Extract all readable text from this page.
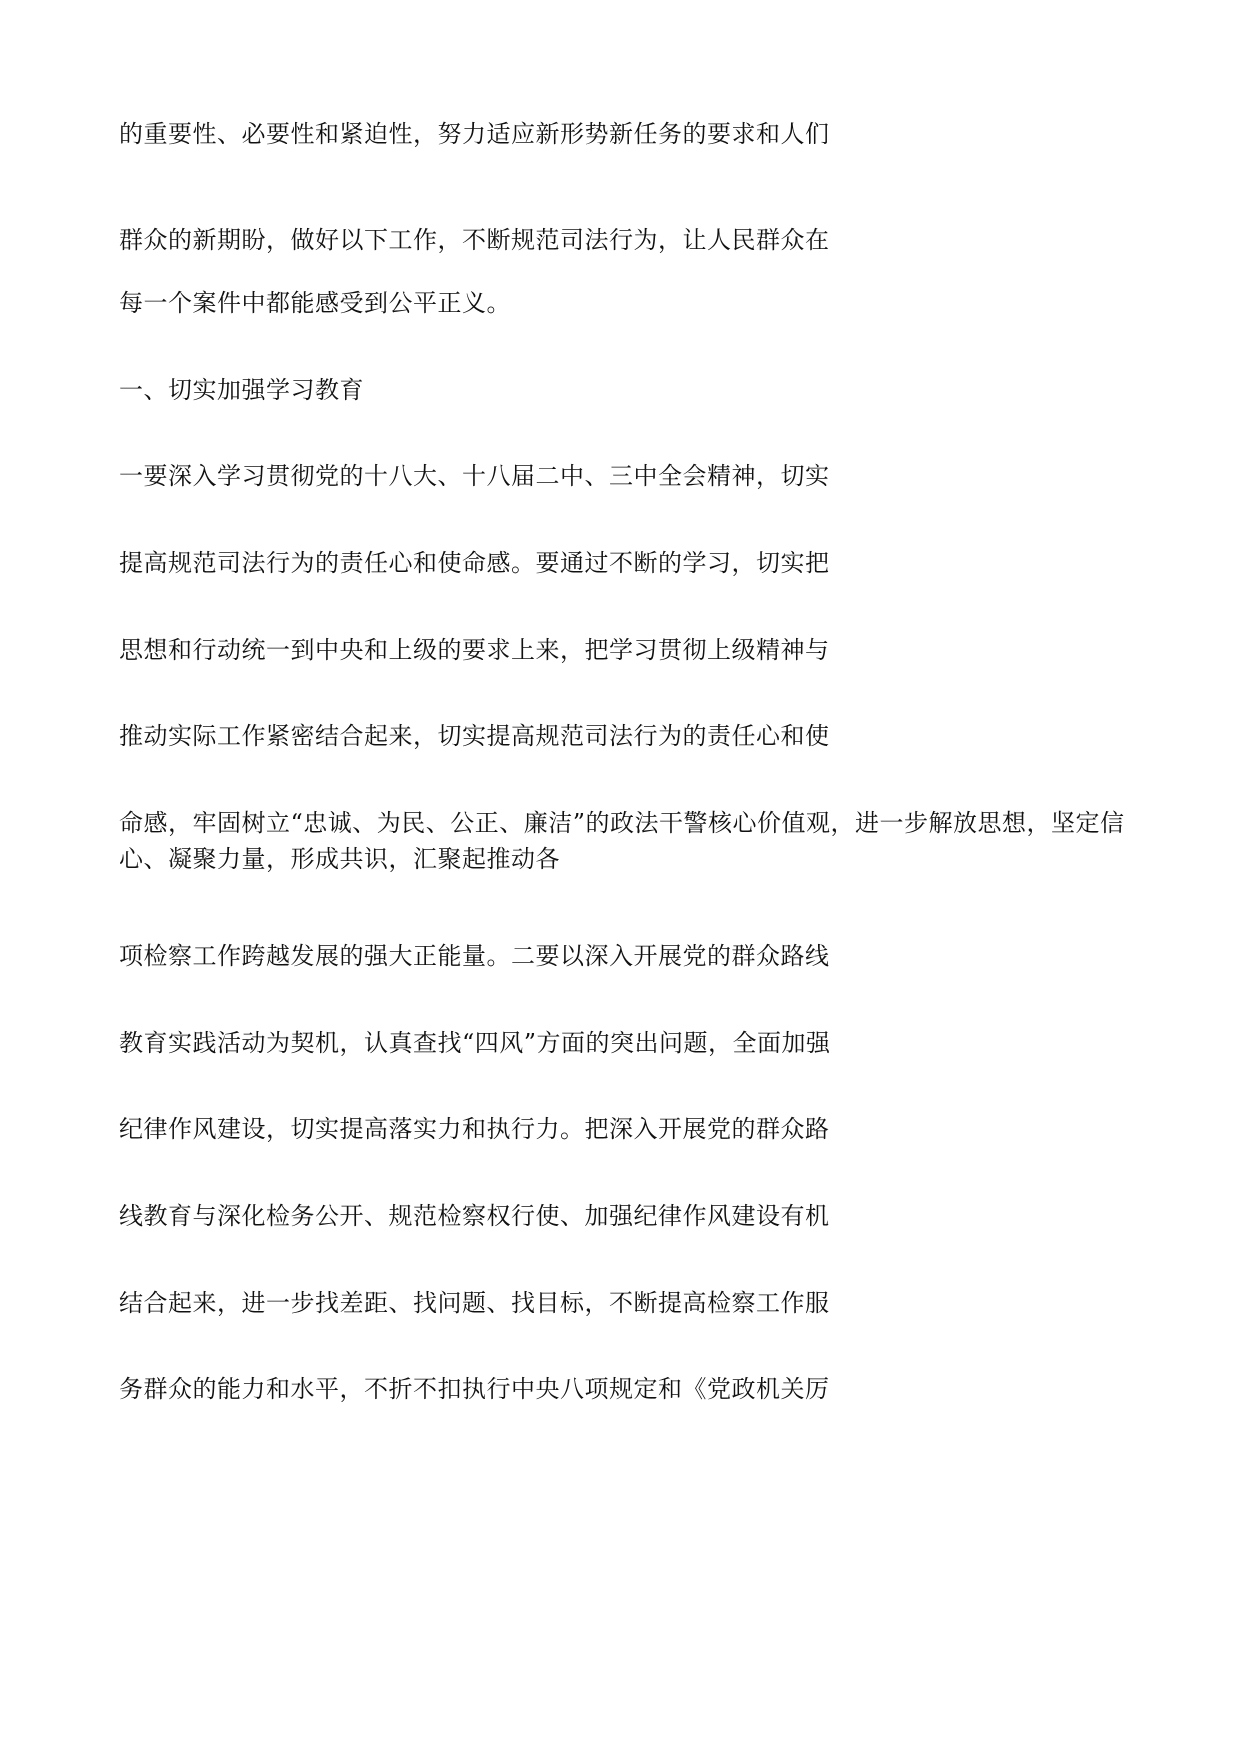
的重要性、必要性和紧迫性，努力适应新形势新任务的要求和人们
群众的新期盼，做好以下工作，不断规范司法行为，让人民群众在
每一个案件中都能感受到公平正义。
一、切实加强学习教育
一要深入学习贯彻党的十八大、十八届二中、三中全会精神，切实
提高规范司法行为的责任心和使命感。要通过不断的学习，切实把
思想和行动统一到中央和上级的要求上来，把学习贯彻上级精神与
推动实际工作紧密结合起来，切实提高规范司法行为的责任心和使
命感，牢固树立“忠诚、为民、公正、廉洁”的政法干警核心价值观，进一步解放思想，坚定信心、凝聚力量，形成共识，汇聚起推动各
项检察工作跨越发展的强大正能量。二要以深入开展党的群众路线
教育实践活动为契机，认真查找“四风”方面的突出问题，全面加强
纪律作风建设，切实提高落实力和执行力。把深入开展党的群众路
线教育与深化检务公开、规范检察权行使、加强纪律作风建设有机
结合起来，进一步找差距、找问题、找目标，不断提高检察工作服
务群众的能力和水平，不折不扣执行中央八项规定和《党政机关厉
